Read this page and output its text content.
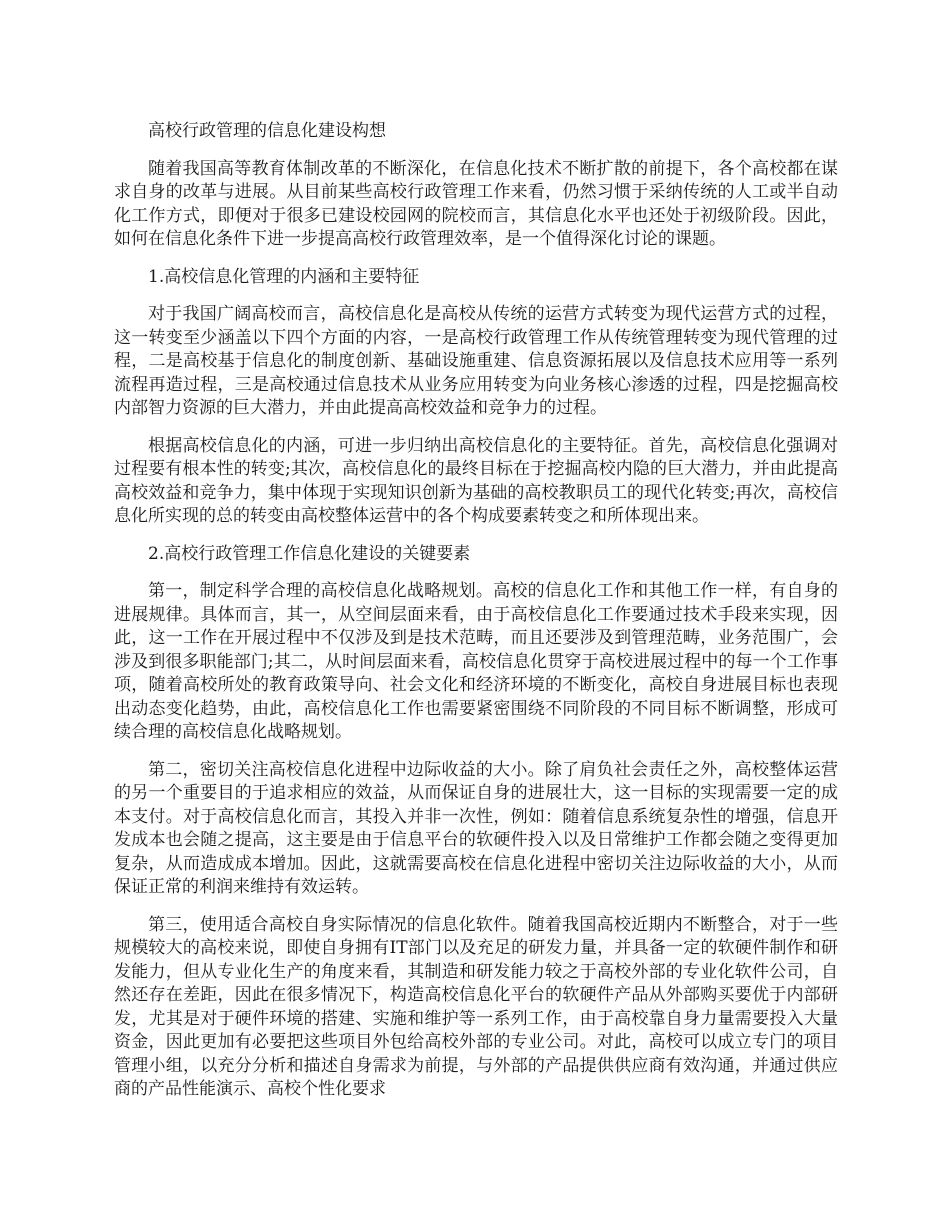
高校行政管理的信息化建设构想

随着我国高等教育体制改革的不断深化，在信息化技术不断扩散的前提下，各个高校都在谋求自身的改革与进展。从目前某些高校行政管理工作来看，仍然习惯于采纳传统的人工或半自动化工作方式，即便对于很多已建设校园网的院校而言，其信息化水平也还处于初级阶段。因此，如何在信息化条件下进一步提高高校行政管理效率，是一个值得深化讨论的课题。

1.高校信息化管理的内涵和主要特征

对于我国广阔高校而言，高校信息化是高校从传统的运营方式转变为现代运营方式的过程，这一转变至少涵盖以下四个方面的内容，一是高校行政管理工作从传统管理转变为现代管理的过程，二是高校基于信息化的制度创新、基础设施重建、信息资源拓展以及信息技术应用等一系列流程再造过程，三是高校通过信息技术从业务应用转变为向业务核心渗透的过程，四是挖掘高校内部智力资源的巨大潜力，并由此提高高校效益和竞争力的过程。

根据高校信息化的内涵，可进一步归纳出高校信息化的主要特征。首先，高校信息化强调对过程要有根本性的转变;其次，高校信息化的最终目标在于挖掘高校内隐的巨大潜力，并由此提高高校效益和竞争力，集中体现于实现知识创新为基础的高校教职员工的现代化转变;再次，高校信息化所实现的总的转变由高校整体运营中的各个构成要素转变之和所体现出来。

2.高校行政管理工作信息化建设的关键要素

第一，制定科学合理的高校信息化战略规划。高校的信息化工作和其他工作一样，有自身的进展规律。具体而言，其一，从空间层面来看，由于高校信息化工作要通过技术手段来实现，因此，这一工作在开展过程中不仅涉及到是技术范畴，而且还要涉及到管理范畴，业务范围广，会涉及到很多职能部门;其二，从时间层面来看，高校信息化贯穿于高校进展过程中的每一个工作事项，随着高校所处的教育政策导向、社会文化和经济环境的不断变化，高校自身进展目标也表现出动态变化趋势，由此，高校信息化工作也需要紧密围绕不同阶段的不同目标不断调整，形成可续合理的高校信息化战略规划。

第二，密切关注高校信息化进程中边际收益的大小。除了肩负社会责任之外，高校整体运营的另一个重要目的于追求相应的效益，从而保证自身的进展壮大，这一目标的实现需要一定的成本支付。对于高校信息化而言，其投入并非一次性，例如：随着信息系统复杂性的增强，信息开发成本也会随之提高，这主要是由于信息平台的软硬件投入以及日常维护工作都会随之变得更加复杂，从而造成成本增加。因此，这就需要高校在信息化进程中密切关注边际收益的大小，从而保证正常的利润来维持有效运转。

第三，使用适合高校自身实际情况的信息化软件。随着我国高校近期内不断整合，对于一些规模较大的高校来说，即使自身拥有IT部门以及充足的研发力量，并具备一定的软硬件制作和研发能力，但从专业化生产的角度来看，其制造和研发能力较之于高校外部的专业化软件公司，自然还存在差距，因此在很多情况下，构造高校信息化平台的软硬件产品从外部购买要优于内部研发，尤其是对于硬件环境的搭建、实施和维护等一系列工作，由于高校靠自身力量需要投入大量资金，因此更加有必要把这些项目外包给高校外部的专业公司。对此，高校可以成立专门的项目管理小组，以充分分析和描述自身需求为前提，与外部的产品提供供应商有效沟通，并通过供应商的产品性能演示、高校个性化要求
